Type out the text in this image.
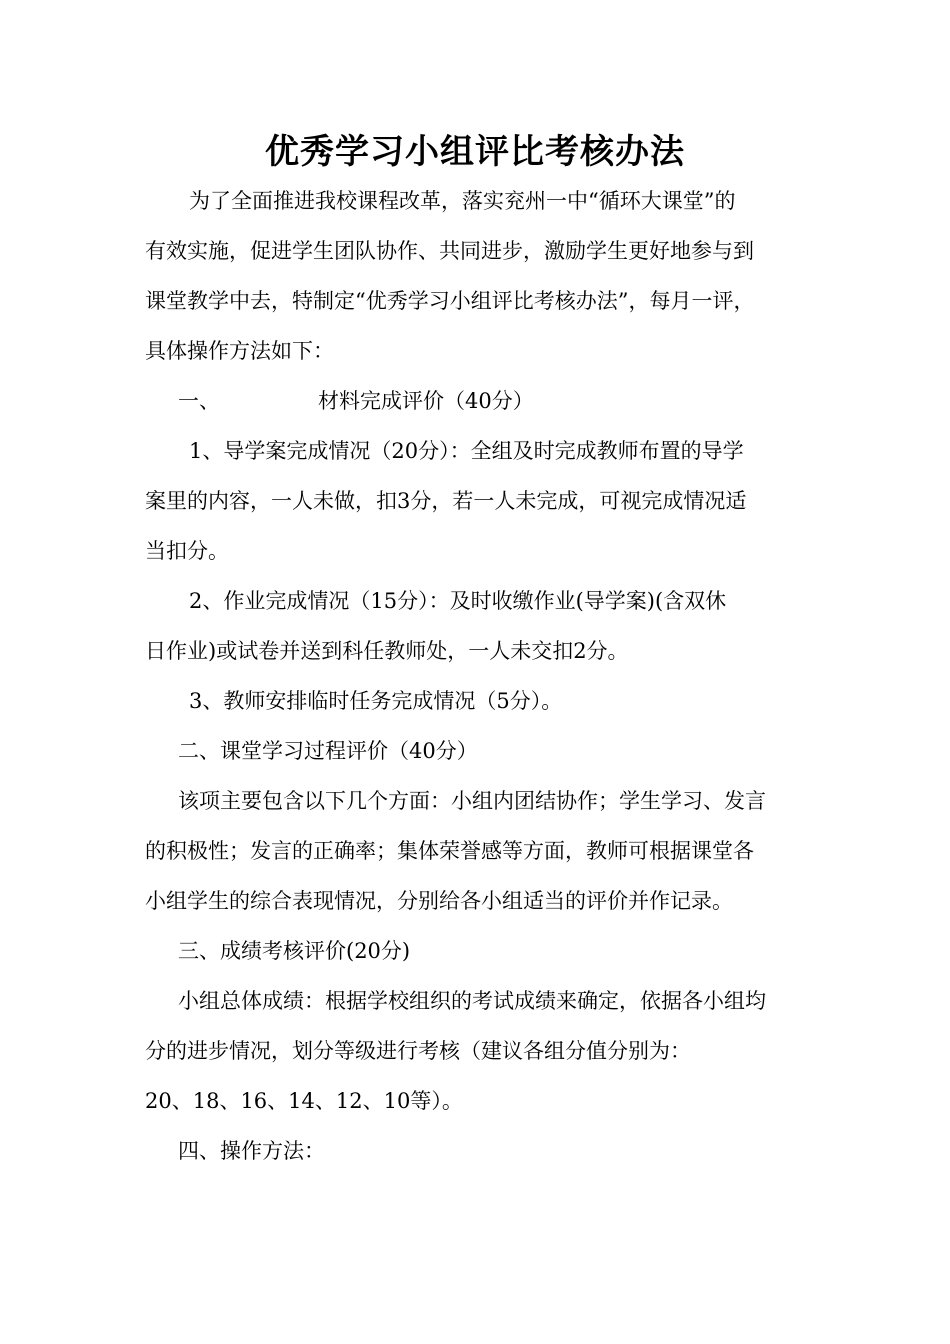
优秀学习小组评比考核办法
为了全面推进我校课程改革，落实兖州一中“循环大课堂”的
有效实施，促进学生团队协作、共同进步，激励学生更好地参与到
课堂教学中去，特制定“优秀学习小组评比考核办法”，每月一评，
具体操作方法如下：
一、	材料完成评价（40分）
1、导学案完成情况（20分）：全组及时完成教师布置的导学
案里的内容，一人未做，扣3分，若一人未完成，可视完成情况适
当扣分。
2、作业完成情况（15分）：及时收缴作业(导学案)(含双休
日作业)或试卷并送到科任教师处，一人未交扣2分。
3、教师安排临时任务完成情况（5分）。
二、课堂学习过程评价（40分）
该项主要包含以下几个方面：小组内团结协作；学生学习、发言
的积极性；发言的正确率；集体荣誉感等方面，教师可根据课堂各
小组学生的综合表现情况，分别给各小组适当的评价并作记录。
三、成绩考核评价(20分)
小组总体成绩：根据学校组织的考试成绩来确定，依据各小组均
分的进步情况，划分等级进行考核（建议各组分值分别为：
20、18、16、14、12、10等）。
四、操作方法：
